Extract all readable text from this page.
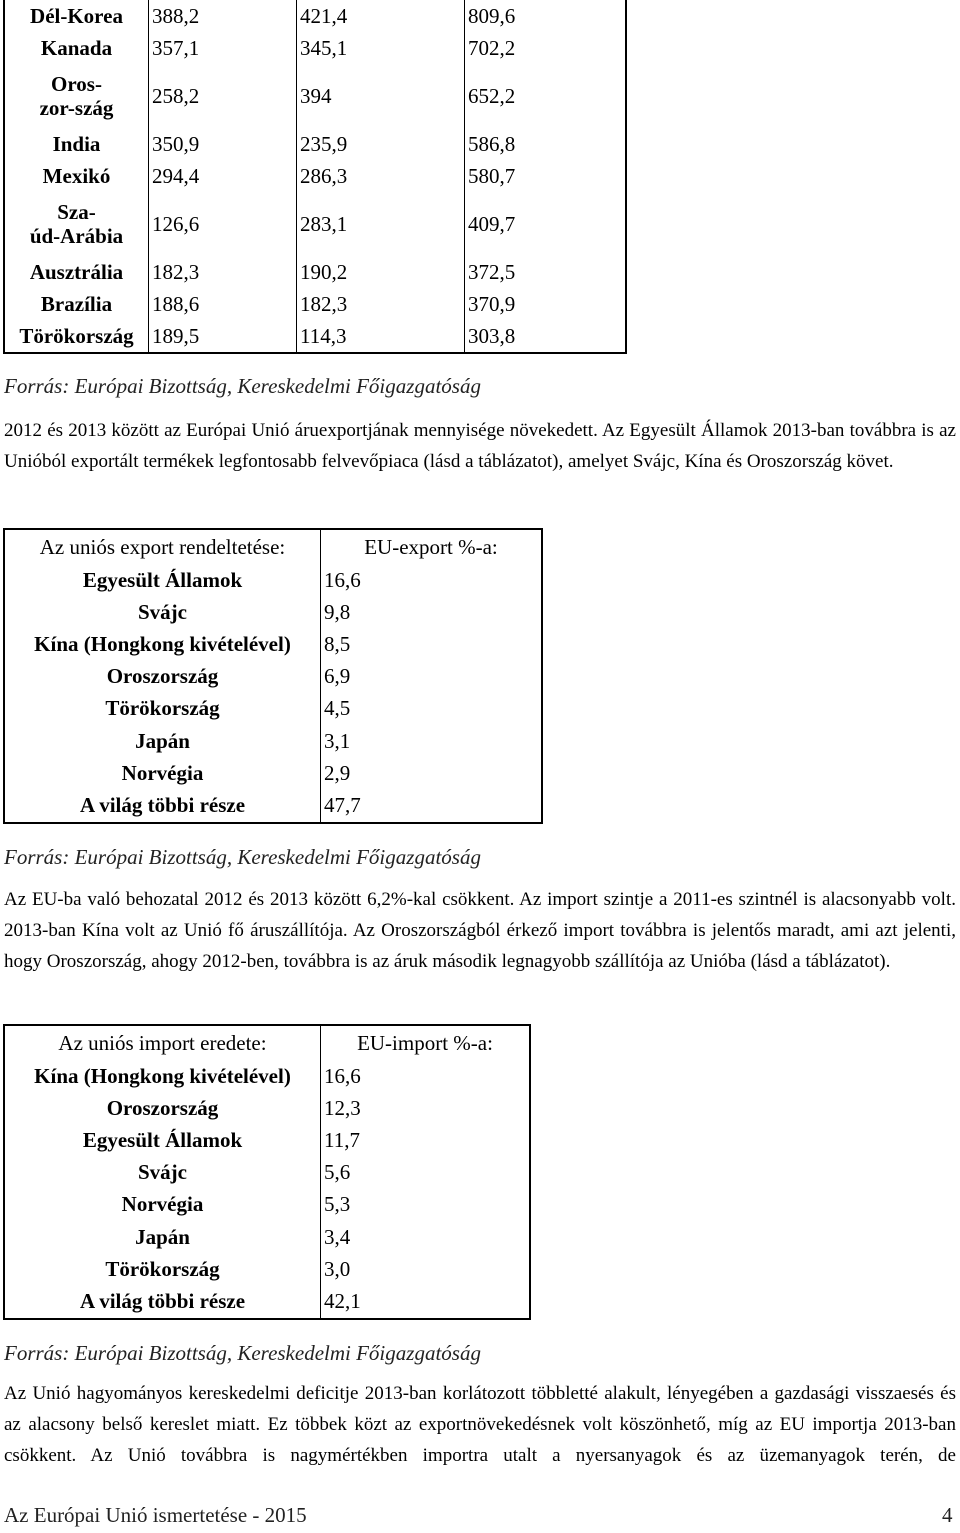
Dél-Korea	388,2	421,4	809,6
Kanada	357,1	345,1	702,2
Oros-
zor-szág	258,2	394	652,2
India	350,9	235,9	586,8
Mexikó	294,4	286,3	580,7
Sza-
úd-Arábia	126,6	283,1	409,7
Ausztrália	182,3	190,2	372,5
Brazília	188,6	182,3	370,9
Törökország	189,5	114,3	303,8
Forrás: Európai Bizottság, Kereskedelmi Főigazgatóság
2012 és 2013 között az Európai Unió áruexportjának mennyisége növekedett. Az Egyesült Államok 2013-ban továbbra is az Unióból exportált termékek legfontosabb felvevőpiaca (lásd a táblázatot), amelyet Svájc, Kína és Oroszország követ.
Az uniós export rendeltetése:	EU-export %-a:
Egyesült Államok	16,6
Svájc	9,8
Kína (Hongkong kivételével)	8,5
Oroszország	6,9
Törökország	4,5
Japán	3,1
Norvégia	2,9
A világ többi része	47,7
Forrás: Európai Bizottság, Kereskedelmi Főigazgatóság
Az EU-ba való behozatal 2012 és 2013 között 6,2%-kal csökkent. Az import szintje a 2011-es szintnél is alacsonyabb volt. 2013-ban Kína volt az Unió fő áruszállítója. Az Oroszországból érkező import továbbra is jelentős maradt, ami azt jelenti, hogy Oroszország, ahogy 2012-ben, továbbra is az áruk második legnagyobb szállítója az Unióba (lásd a táblázatot).
Az uniós import eredete:	EU-import %-a:
Kína (Hongkong kivételével)	16,6
Oroszország	12,3
Egyesült Államok	11,7
Svájc	5,6
Norvégia	5,3
Japán	3,4
Törökország	3,0
A világ többi része	42,1
Forrás: Európai Bizottság, Kereskedelmi Főigazgatóság
Az Unió hagyományos kereskedelmi deficitje 2013-ban korlátozott többletté alakult, lényegében a gazdasági visszaesés és az alacsony belső kereslet miatt. Ez többek közt az exportnövekedésnek volt köszönhető, míg az EU importja 2013-ban csökkent. Az Unió továbbra is nagymértékben importra utalt a nyersanyagok és az üzemanyagok terén, de
Az Európai Unió ismertetése - 2015	4
